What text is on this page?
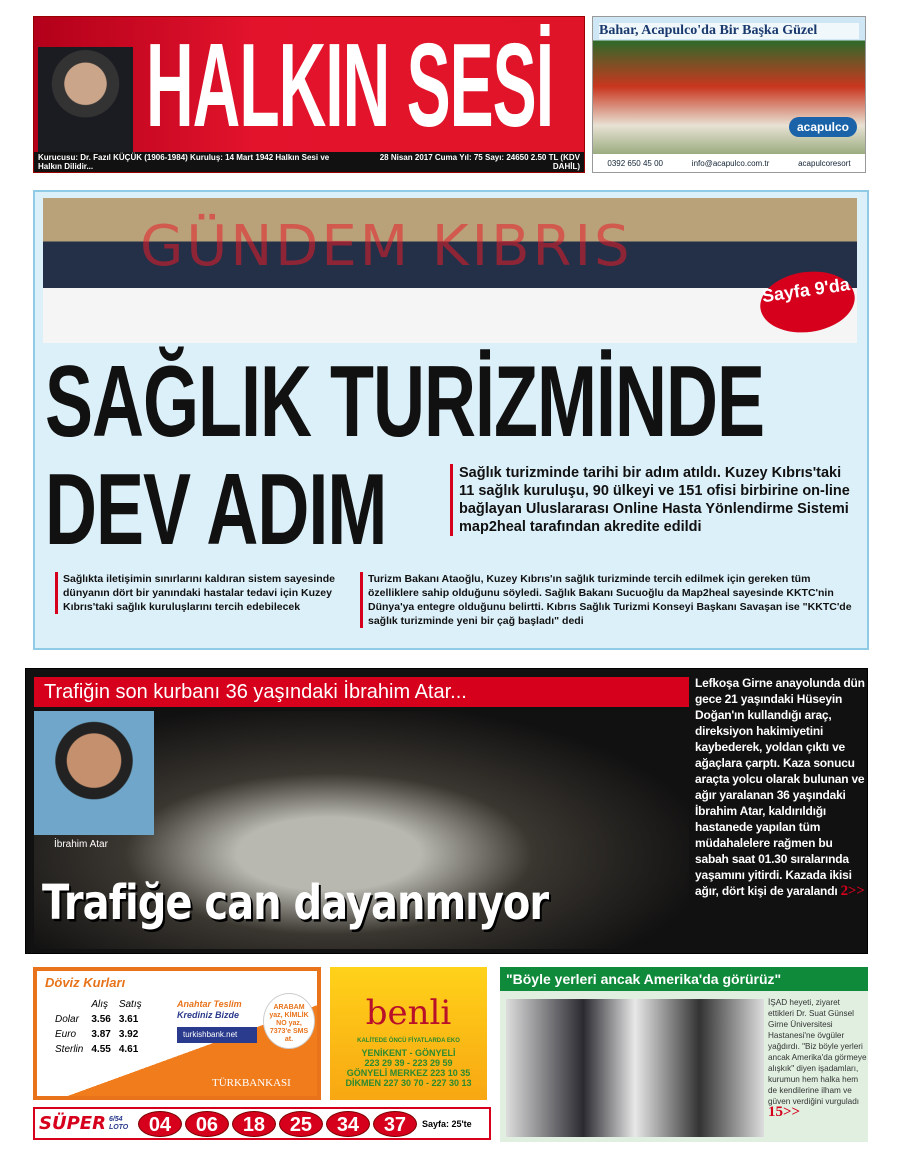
HALKIN SESİ
Kurucusu: Dr. Fazıl KÜÇÜK (1906-1984) Kuruluş: 14 Mart 1942 Halkın Sesi ve Halkın Dilidir...
28 Nisan 2017 Cuma Yıl: 75 Sayı: 24650 2.50 TL (KDV DAHİL)
Bahar, Acapulco'da Bir Başka Güzel
acapulco
0392 650 45 00	info@acapulco.com.tr	acapulcoresort
Sayfa 9'da
SAĞLIK TURİZMİNDE
DEV ADIM	Sağlık turizminde tarihi bir adım atıldı. Kuzey Kıbrıs'taki 11 sağlık kuruluşu, 90 ülkeyi ve 151 ofisi birbirine on-line bağlayan Uluslararası Online Hasta Yönlendirme Sistemi map2heal tarafından akredite edildi
Sağlıkta iletişimin sınırlarını kaldıran sistem sayesinde dünyanın dört bir yanındaki hastalar tedavi için Kuzey Kıbrıs'taki sağlık kuruluşlarını tercih edebilecek
Turizm Bakanı Ataoğlu, Kuzey Kıbrıs'ın sağlık turizminde tercih edilmek için gereken tüm özelliklere sahip olduğunu söyledi. Sağlık Bakanı Sucuoğlu da Map2heal sayesinde KKTC'nin Dünya'ya entegre olduğunu belirtti. Kıbrıs Sağlık Turizmi Konseyi Başkanı Savaşan ise "KKTC'de sağlık turizminde yeni bir çağ başladı" dedi
GÜNDEM KIBRIS
Trafiğin son kurbanı 36 yaşındaki İbrahim Atar...
İbrahim Atar
Trafiğe can dayanmıyor
Lefkoşa Girne anayolunda dün gece 21 yaşındaki Hüseyin Doğan'ın kullandığı araç, direksiyon hakimiyetini kaybederek, yoldan çıktı ve ağaçlara çarptı. Kaza sonucu araçta yolcu olarak bulunan ve ağır yaralanan 36 yaşındaki İbrahim Atar, kaldırıldığı hastanede yapılan tüm müdahalelere rağmen bu sabah saat 01.30 sıralarında yaşamını yitirdi. Kazada ikisi ağır, dört kişi de yaralandı 2>>
Döviz Kurları
	Alış	Satış
Dolar	3.56	3.61
Euro	3.87	3.92
Sterlin	4.55	4.61
Anahtar Teslim
Krediniz Bizde
turkishbank.net
ARABAM yaz, KİMLİK NO yaz, 7373'e SMS at.
TÜRKBANKASI
benli
KALİTEDE ÖNCÜ FİYATLARDA EKO
YENİKENT - GÖNYELİ
223 29 39 - 223 29 59
GÖNYELİ MERKEZ 223 10 35
DİKMEN 227 30 70 - 227 30 13
SÜPER 6/54 LOTO	04	06	18	25	34	37	Sayfa: 25'te
"Böyle yerleri ancak Amerika'da görürüz"
İŞAD heyeti, ziyaret ettikleri Dr. Suat Günsel Girne Üniversitesi Hastanesi'ne övgüler yağdırdı. "Biz böyle yerleri ancak Amerika'da görmeye alışkık" diyen işadamları, kurumun hem halka hem de kendilerine ilham ve güven verdiğini vurguladı 15>>
